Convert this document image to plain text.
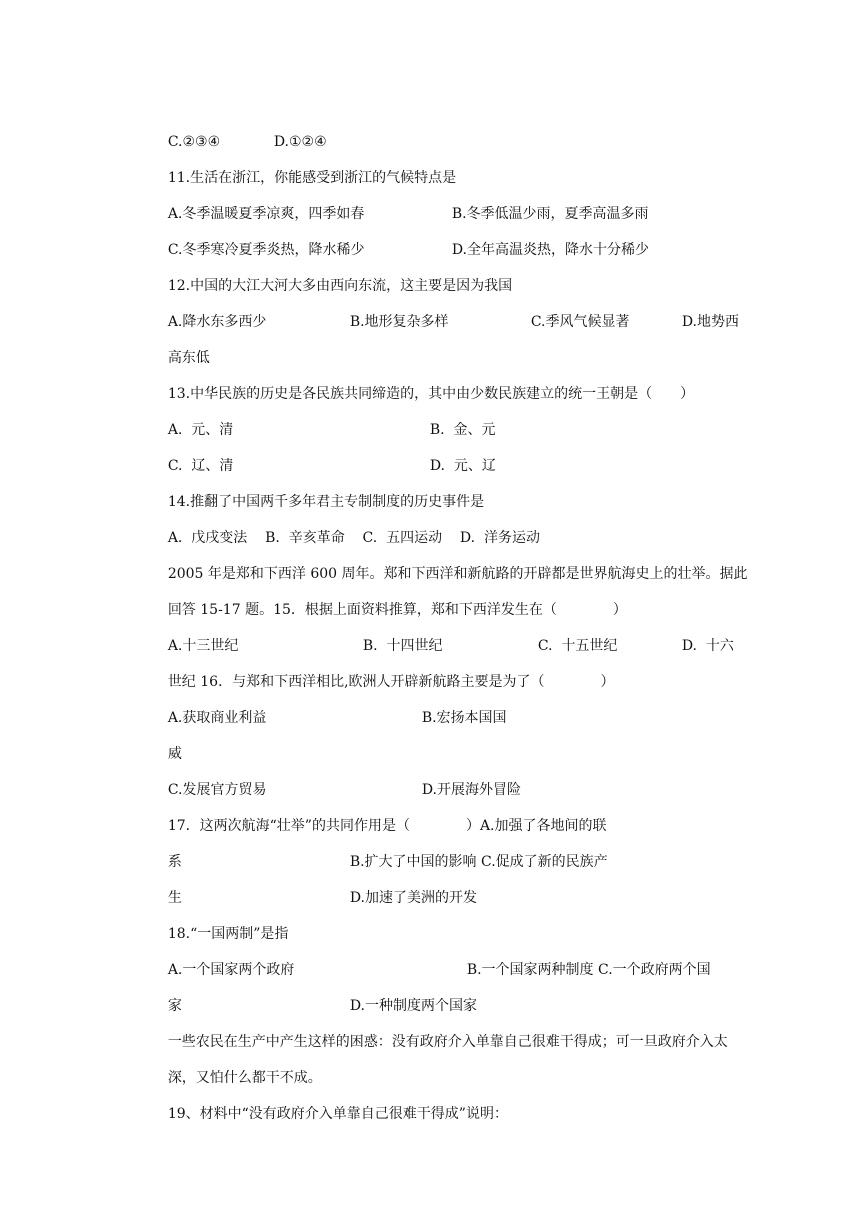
C.②③④
	D.①②④

11.生活在浙江，你能感受到浙江的气候特点是

A.冬季温暖夏季凉爽，四季如春
	B.冬季低温少雨，夏季高温多雨

C.冬季寒冷夏季炎热，降水稀少
	D.全年高温炎热，降水十分稀少

12.中国的大江大河大多由西向东流，这主要是因为我国

A.降水东多西少
	B.地形复杂多样
	C.季风气候显著
	D.地势西

高东低

13.中华民族的历史是各民族共同缔造的，其中由少数民族建立的统一王朝是（　　）

A.  元、清
	B.  金、元

C.  辽、清
	D.  元、辽

14.推翻了中国两千多年君主专制制度的历史事件是

A.  戊戌变法    B.  辛亥革命    C.  五四运动    D.  洋务运动

2005 年是郑和下西洋 600 周年。郑和下西洋和新航路的开辟都是世界航海史上的壮举。据此

回答 15-17 题。15．根据上面资料推算，郑和下西洋发生在（　　　　）

A.十三世纪
	B.  十四世纪
	C.  十五世纪
	D.  十六

世纪 16．与郑和下西洋相比,欧洲人开辟新航路主要是为了（　　　　）

A.获取商业利益
	B.宏扬本国国

威

C.发展官方贸易
	D.开展海外冒险

17．这两次航海“壮举”的共同作用是（　　　　）A.加强了各地间的联

系
	B.扩大了中国的影响 C.促成了新的民族产

生
	D.加速了美洲的开发

18.“一国两制”是指

A.一个国家两个政府
	B.一个国家两种制度 C.一个政府两个国

家
	D.一种制度两个国家

一些农民在生产中产生这样的困惑：没有政府介入单靠自己很难干得成；可一旦政府介入太

深，又怕什么都干不成。

19、材料中“没有政府介入单靠自己很难干得成”说明：
